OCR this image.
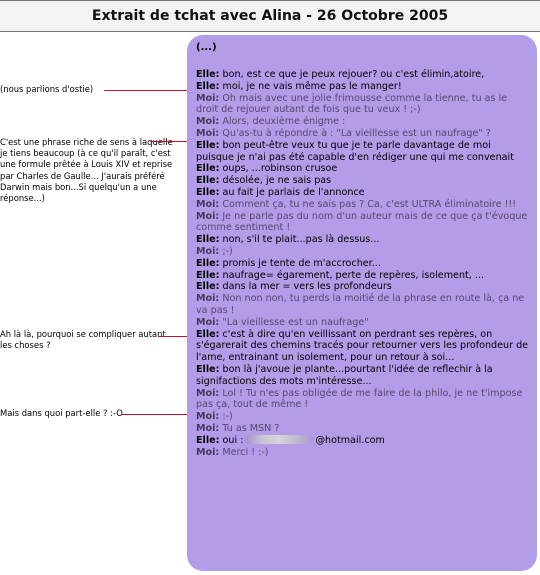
Extrait de tchat avec Alina - 26 Octobre 2005
(nous parlions d'ostie)
C'est une phrase riche de sens à laquelle je tiens beaucoup (à ce qu'il paraît, c'est une formule prêtée à Louis XIV et reprise par Charles de Gaulle... J'aurais préféré Darwin mais bon...Si quelqu'un a une réponse...)
Ah là là, pourquoi se compliquer autant les choses ?
Mais dans quoi part-elle ? :-O
(...)
Elle: bon, est ce que je peux rejouer? ou c'est élimin,atoire,
Elle: moi, je ne vais même pas le manger!
Moi: Oh mais avec une jolie frimousse comme la tienne, tu as le droit de rejouer autant de fois que tu veux ! ;-)
Moi: Alors, deuxième énigme :
Moi: Qu'as-tu à répondre à : "La vieillesse est un naufrage" ?
Elle: bon peut-être veux tu que je te parle davantage de moi puisque je n'ai pas été capable d'en rédiger une qui me convenait
Elle: oups, ...robinson crusoe
Elle: désolée, je ne sais pas
Elle: au fait je parlais de l'annonce
Moi: Comment ça, tu ne sais pas ? Ca, c'est ULTRA éliminatoire !!!
Moi: Je ne parle pas du nom d'un auteur mais de ce que ça t'évoque comme sentiment !
Elle: non, s'il te plait...pas là dessus...
Moi: ;-)
Elle: promis je tente de m'accrocher...
Elle: naufrage= égarement, perte de repères, isolement, ...
Elle: dans la mer = vers les profondeurs
Moi: Non non non, tu perds la moitié de la phrase en route là, ça ne va pas !
Moi: "La vieillesse est un naufrage"
Elle: c'est à dire qu'en veillissant on perdrant ses repères, on s'égarerait des chemins tracés pour retourner vers les profondeur de l'ame, entrainant un isolement, pour un retour à soi...
Elle: bon là j'avoue je plante...pourtant l'idée de reflechir à la signifactions des mots m'intéresse...
Moi: Lol ! Tu n'es pas obligée de me faire de la philo, je ne t'impose pas ça, tout de même !
Moi: :-)
Moi: Tu as MSN ?
Elle: oui :	@hotmail.com
Moi: Merci ! :-)
